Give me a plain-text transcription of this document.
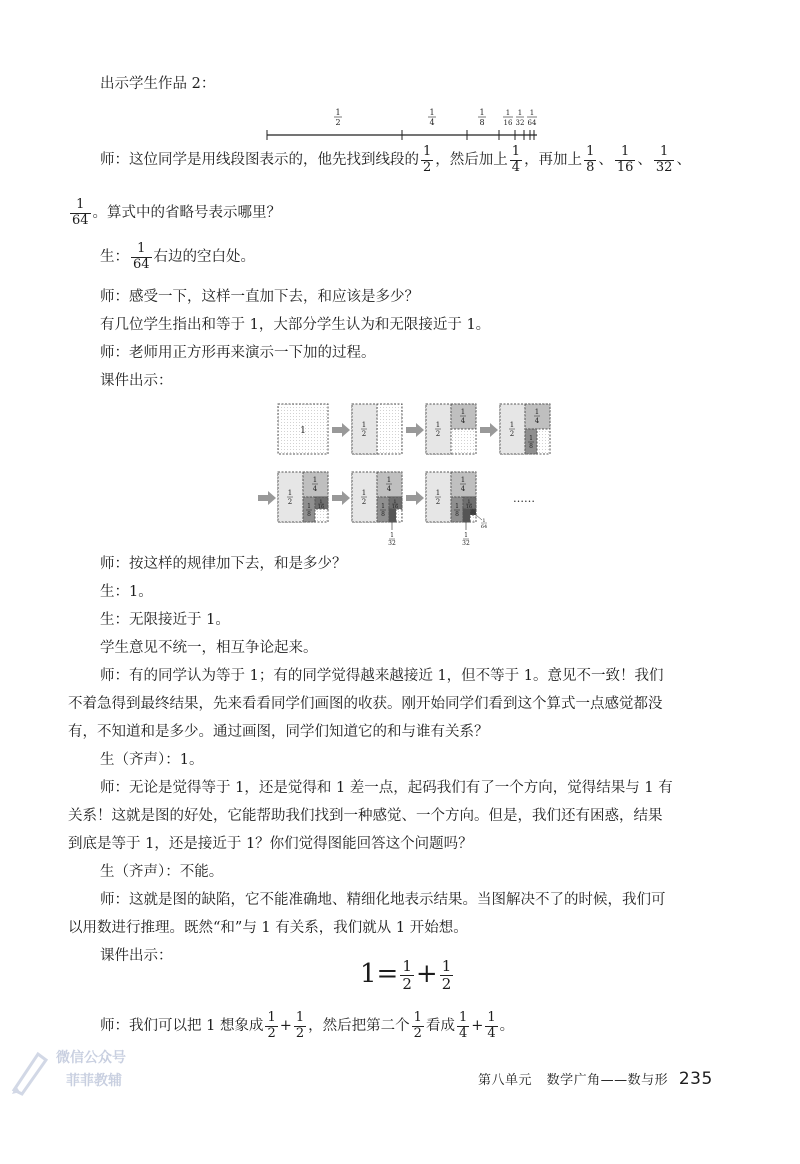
出示学生作品 2：
1
2
1
4
1
8
1
16
1
32
1
64
师：这位同学是用线段图表示的，他先找到线段的 $\frac{1}{2}$ ，然后加上 $\frac{1}{4}$ ，再加上 $\frac{1}{8}$ 、 $\frac{1}{16}$ 、 $\frac{1}{32}$ 、
$\frac{1}{64}$ 。算式中的省略号表示哪里？
生： $\frac{1}{64}$ 右边的空白处。
师：感受一下，这样一直加下去，和应该是多少？
有几位学生指出和等于 1，大部分学生认为和无限接近于 1。
师：老师用正方形再来演示一下加的过程。
课件出示：
1
1
2
1
2
1
4	1
2
1
4
1
8
1
2
1
4
1
8
1
16
1
2
1
4
1
8
1
16
1
32
1
2
1
4
1
8
1
16
1
32
1
64
……
师：按这样的规律加下去，和是多少？
生：1。
生：无限接近于 1。
学生意见不统一，相互争论起来。
师：有的同学认为等于 1；有的同学觉得越来越接近 1，但不等于 1。意见不一致！我们
不着急得到最终结果，先来看看同学们画图的收获。刚开始同学们看到这个算式一点感觉都没
有，不知道和是多少。通过画图，同学们知道它的和与谁有关系？
生（齐声）：1。
师：无论是觉得等于 1，还是觉得和 1 差一点，起码我们有了一个方向，觉得结果与 1 有
关系！这就是图的好处，它能帮助我们找到一种感觉、一个方向。但是，我们还有困惑，结果
到底是等于 1，还是接近于 1？你们觉得图能回答这个问题吗？
生（齐声）：不能。
师：这就是图的缺陷，它不能准确地、精细化地表示结果。当图解决不了的时候，我们可
以用数进行推理。既然“和”与 1 有关系，我们就从 1 开始想。
课件出示：
$1= \frac{1}{2} + \frac{1}{2}$
师：我们可以把 1 想象成 $\frac{1}{2} + \frac{1}{2}$ ，然后把第二个 $\frac{1}{2}$ 看成 $\frac{1}{4} + \frac{1}{4}$ 。
微信公众号
菲菲教辅	第八单元 数学广角——数与形 235
